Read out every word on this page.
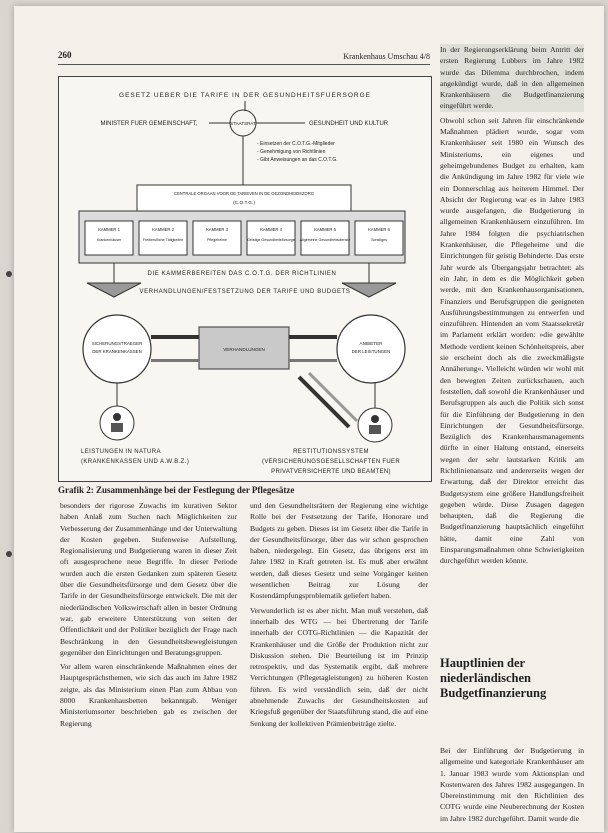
260	Krankenhaus Umschau 4/8
GESETZ UEBER DIE TARIFE IN DER GESUNDHEITSFUERSORGE
MINISTER FUER GEMEINSCHAFT,	STAATSRAT	GESUNDHEIT UND KULTUR
- Einsetzen der C.O.T.G.-Mitglieder
- Genehmigung von Richtlinien
- Gibt Anweisungen an das C.O.T.G.
CENTRALE ORGAAN VOOR DE TARIEVEN IN DE GEZONDHEIDSZORG
(C.O.T.G.)
KAMMER 1
Krankenhäuser
KAMMER 2
Freiberufliche Tätigkeiten
KAMMER 3
Pflegeheime
KAMMER 4
Geistige Gesundheitsfürsorge
KAMMER 5
Allgemeine Gesundheitsdienste
KAMMER 6
Sonstiges
DIE KAMMERBEREITEN DAS C.O.T.G. DER RICHTLINIEN
VERHANDLUNGEN/FESTSETZUNG DER TARIFE UND BUDGETS
SICHERUNGSTRAEGER
DER KRANKENKASSEN
ANBIETER
DER LEISTUNGEN
VERHANDLUNGEN
LEISTUNGEN IN NATURA
(KRANKENKASSEN UND A.W.B.Z.)
RESTITUTIONSSYSTEM
(VERSICHERUNGSGESELLSCHAFTEN FUER
PRIVATVERSICHERTE UND BEAMTEN)
Grafik 2: Zusammenhänge bei der Festlegung der Pflegesätze

besonders der rigorose Zuwachs im kurativen Sektor haben Anlaß zum Suchen nach Möglichkeiten zur Verbesserung der Zusammenhänge und der Unterwaltung der Kosten gegeben. Stufenweise Aufstellung, Regionalisierung und Budgetierung waren in dieser Zeit oft ausgesprochene neue Begriffe. In dieser Periode wurden auch die ersten Gedanken zum späteren Gesetz über die Gesundheitsfürsorge und dem Gesetz über die Tarife in der Gesundheitsfürsorge entwickelt. Die mit der niederländischen Volkswirtschaft allen in bester Ordnung war, gab erweitere Unterstützung von seiten der Öffentlichkeit und der Politiker bezüglich der Frage nach Beschränkung in den Gesundheitsbewegleistungen gegenüber den Einrichtungen und Beratungsgruppen.

Vor allem waren einschränkende Maßnahmen eines der Hauptgesprächsthemen, wie sich das auch im Jahre 1982 zeigte, als das Ministerium einen Plan zum Abbau von 8000 Krankenhausbetten bekanntgab. Weniger Ministeriumsorter beschrieben gab es zwischen der Regierung

und den Gesundheitsrätern der Regierung eine wichtige Rolle bei der Festsetzung der Tarife, Honorare und Budgets zu geben. Dieses ist im Gesetz über die Tarife in der Gesundheitsfürsorge, über das wir schon gesprochen haben, niedergelegt. Ein Gesetz, das übrigens erst im Jahre 1982 in Kraft getreten ist. Es muß aber erwähnt werden, daß dieses Gesetz und seine Vorgänger keinen wesentlichen Beitrag zur Lösung der Kostendämpfungsproblematik geliefert haben.

Verwunderlich ist es aber nicht. Man muß verstehen, daß innerhalb des WTG — bei Übertretung der Tarife innerhalb der COTG-Richtlinien — die Kapazität der Krankenhäuser und die Größe der Produktion nicht zur Diskussion stehen. Die Beurteilung ist im Prinzip retrospektiv, und das Systematik ergibt, daß mehrere Verrichtungen (Pflegetagleistungen) zu höheren Kosten führen. Es wird verständlich sein, daß der nicht abnehmende Zuwachs der Gesundheitskosten auf Kriegsfuß gegenüber der Staatsführung stand, die auf eine Senkung der kollektiven Prämienbeiträge zielte.

In der Regierungserklärung beim Antritt der ersten Regierung Lubbers im Jahre 1982 wurde das Dilemma durchbrochen, indem angekündigt wurde, daß in den allgemeinen Krankenhäusern die Budgetfinanzierung eingeführt werde.

Obwohl schon seit Jahren für einschränkende Maßnahmen plädiert wurde, sogar vom Krankenhäuser seit 1980 ein Wunsch des Ministeriums, ein eigenes und geheimgebundenes Budget zu erhalten, kam die Ankündigung im Jahre 1982 für viele wie ein Donnerschlag aus heiterem Himmel. Der Absicht der Regierung war es in Jahre 1983 wurde ausgefangen, die Budgetierung in allgemeinen Krankenhäusern einzuführen. Im Jahre 1984 folgten die psychiatrischen Krankenhäuser, die Pflegeheime und die Einrichtungen für geistig Behinderte. Das erste Jahr wurde als Übergangsjahr betrachtet: als ein Jahr, in dem es die Möglichkeit geben werde, mit den Krankenhausorganisationen, Finanziers und Berufsgruppen die geeigneten Ausführungsbestimmungen zu entwerfen und einzuführen. Hintenden an vom Staatssekretär im Parlament erklärt worden: »die gewählte Methode verdient keinen Schönheitspreis, aber sie erscheint doch als die zweckmäßigste Annäherung«. Vielleicht würden wir wohl mit den bewegten Zeiten zurückschauen, auch feststellen, daß sowohl die Krankenhäuser und Berufsgruppen als auch die Politik sich sonst für die Einführung der Budgetierung in den Einrichtungen der Gesundheitsfürsorge. Bezüglich des Krankenhausmanagements dürfte in einer Haltung entstand, einerseits wegen der sehr lautstarken Kritik am Richtlinienansatz und andererseits wegen der Erwartung, daß der Direktor erreicht das Budgetsystem eine größere Handlungsfreiheit gegeben würde. Diese Zusagen dagegen behaupten, daß die Regierung die Budgetfinanzierung hauptsächlich eingeführt hätte, damit eine Zahl von Einsparungsmaßnahmen ohne Schwierigkeiten durchgeführt werden könnte.

Hauptlinien der niederländischen Budgetfinanzierung

Bei der Einführung der Budgetierung in allgemeine und kategoriale Krankenhäuser am 1. Januar 1983 wurde vom Aktionsplan und Kostenwaren des Jahres 1982 ausgegangen. In Übereinstimmung mit den Richtlinien des COTG wurde eine Neuberechnung der Kosten im Jahre 1982 durchgeführt. Damit wurde die
